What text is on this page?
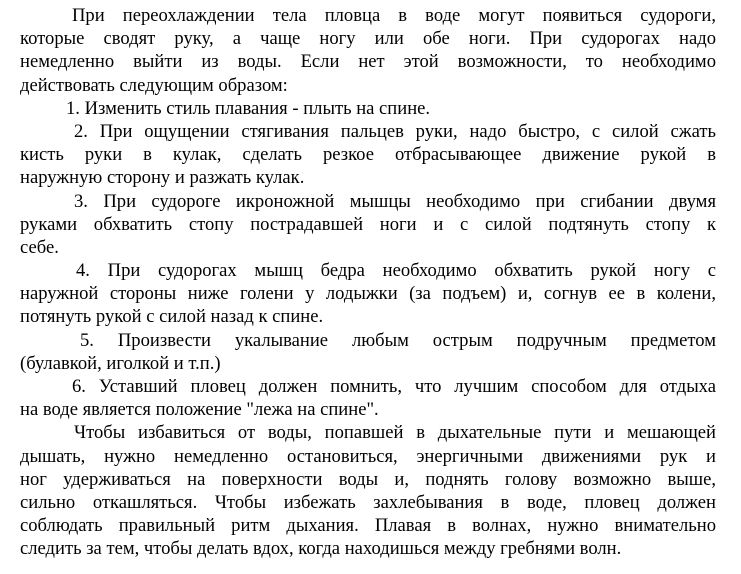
При переохлаждении тела пловца в воде могут появиться судороги,
которые сводят руку, а чаще ногу или обе ноги. При судорогах надо
немедленно выйти из воды. Если нет этой возможности, то необходимо
действовать следующим образом:
1. Изменить стиль плавания - плыть на спине.
2. При ощущении стягивания пальцев руки, надо быстро, с силой сжать
кисть руки в кулак, сделать резкое отбрасывающее движение рукой в
наружную сторону и разжать кулак.
3. При судороге икроножной мышцы необходимо при сгибании двумя
руками обхватить стопу пострадавшей ноги и с силой подтянуть стопу к
себе.
4. При судорогах мышц бедра необходимо обхватить рукой ногу с
наружной стороны ниже голени у лодыжки (за подъем) и, согнув ее в колени,
потянуть рукой с силой назад к спине.
5. Произвести укалывание любым острым подручным предметом
(булавкой, иголкой и т.п.)
6. Уставший пловец должен помнить, что лучшим способом для отдыха
на воде является положение "лежа на спине".
Чтобы избавиться от воды, попавшей в дыхательные пути и мешающей
дышать, нужно немедленно остановиться, энергичными движениями рук и
ног удерживаться на поверхности воды и, поднять голову возможно выше,
сильно откашляться. Чтобы избежать захлебывания в воде, пловец должен
соблюдать правильный ритм дыхания. Плавая в волнах, нужно внимательно
следить за тем, чтобы делать вдох, когда находишься между гребнями волн.
